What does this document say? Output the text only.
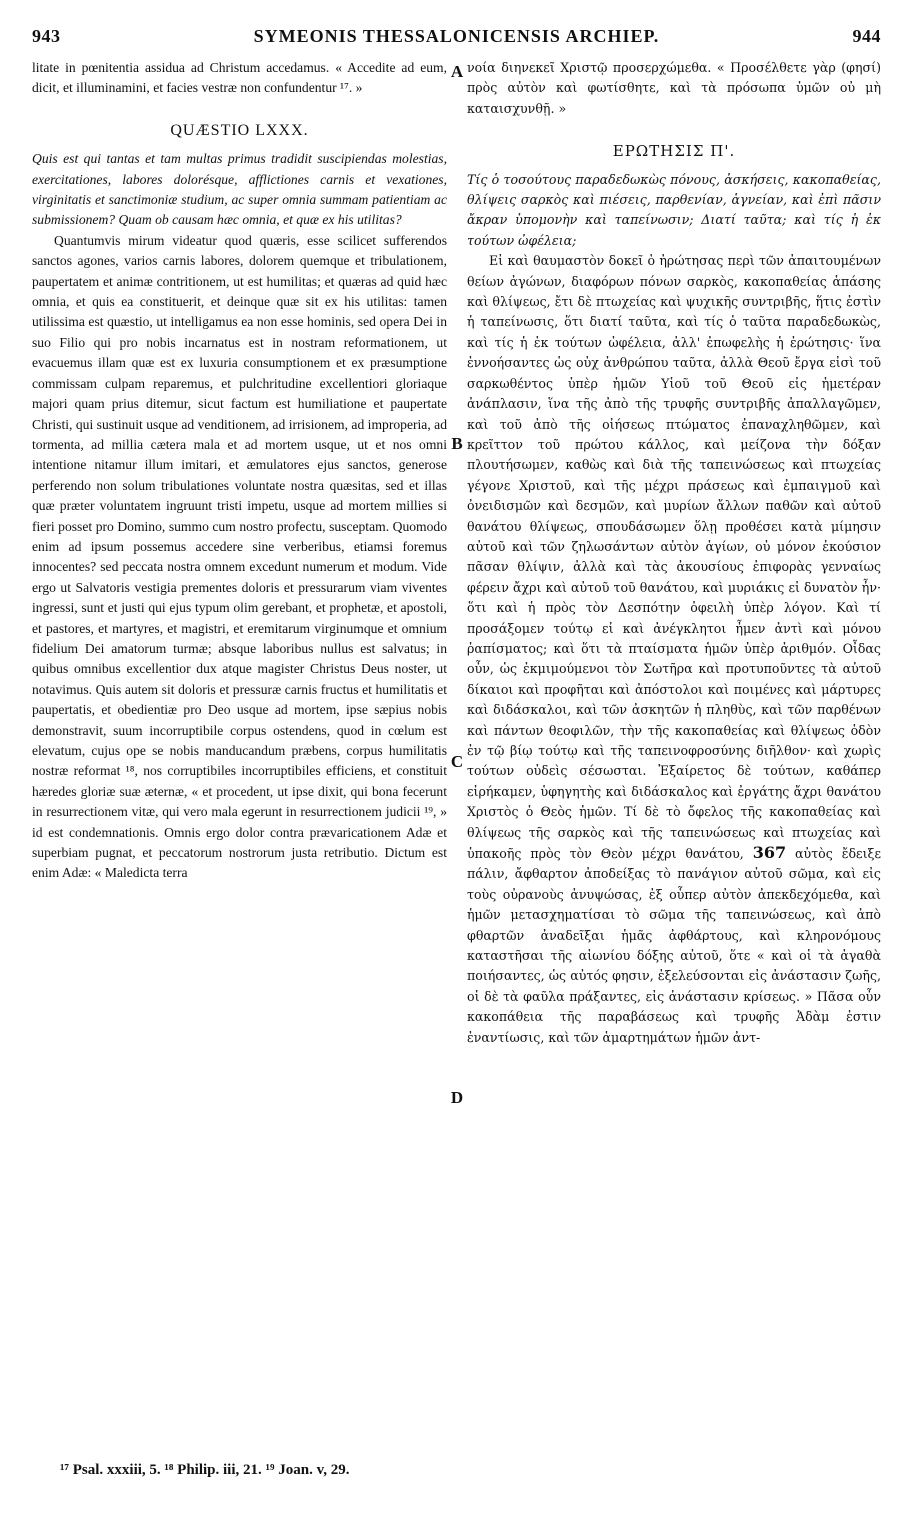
943	SYMEONIS THESSALONICENSIS ARCHIEP.	944

litate in pœnitentia assidua ad Christum accedamus. « Accedite ad eum, dicit, et illuminamini, et facies vestræ non confundentur ¹⁷. »

QUÆSTIO LXXX.

Quis est qui tantas et tam multas primus tradidit suscipiendas molestias, exercitationes, labores dolorésque, afflictiones carnis et vexationes, virginitatis et sanctimoniæ studium, ac super omnia summam patientiam ac submissionem? Quam ob causam hæc omnia, et quæ ex his utilitas?

Quantumvis mirum videatur quod quæris, esse scilicet sufferendos sanctos agones, varios carnis labores, dolorem quemque et tribulationem, paupertatem et animæ contritionem, ut est humilitas; et quæras ad quid hæc omnia, et quis ea constituerit, et deinque quæ sit ex his utilitas: tamen utilissima est quæstio, ut intelligamus ea non esse hominis, sed opera Dei in suo Filio qui pro nobis incarnatus est in nostram reformationem, ut evacuemus illam quæ est ex luxuria consumptionem et ex præsumptione commissam culpam reparemus, et pulchritudine excellentiori gloriaque majori quam prius ditemur, sicut factum est humiliatione et paupertate Christi, qui sustinuit usque ad venditionem, ad irrisionem, ad improperia, ad tormenta, ad millia cætera mala et ad mortem usque, ut et nos omni intentione nitamur illum imitari, et æmulatores ejus sanctos, generose perferendo non solum tribulationes voluntate nostra quæsitas, sed et illas quæ præter voluntatem ingruunt tristi impetu, usque ad mortem millies si fieri posset pro Domino, summo cum nostro profectu, susceptam. Quomodo enim ad ipsum possemus accedere sine verberibus, etiamsi foremus innocentes? sed peccata nostra omnem excedunt numerum et modum. Vide ergo ut Salvatoris vestigia prementes doloris et pressurarum viam viventes ingressi, sunt et justi qui ejus typum olim gerebant, et prophetæ, et apostoli, et pastores, et martyres, et magistri, et eremitarum virginumque et omnium fidelium Dei amatorum turmæ; absque laboribus nullus est salvatus; in quibus omnibus excellentior dux atque magister Christus Deus noster, ut notavimus. Quis autem sit doloris et pressuræ carnis fructus et humilitatis et paupertatis, et obedientiæ pro Deo usque ad mortem, ipse sæpius nobis demonstravit, suum incorruptibile corpus ostendens, quod in cœlum est elevatum, cujus ope se nobis manducandum præbens, corpus humilitatis nostræ reformat ¹⁸, nos corruptibiles incorruptibiles efficiens, et constituit hæredes gloriæ suæ æternæ, « et procedent, ut ipse dixit, qui bona fecerunt in resurrectionem vitæ, qui vero mala egerunt in resurrectionem judicii ¹⁹, » id est condemnationis. Omnis ergo dolor contra prævaricationem Adæ et superbiam pugnat, et peccatorum nostrorum justa retributio. Dictum est enim Adæ: « Maledicta terra

A
B
C
D

νοία διηνεκεῖ Χριστῷ προσερχώμεθα. « Προσέλθετε γὰρ (φησί) πρὸς αὐτὸν καὶ φωτίσθητε, καὶ τὰ πρόσωπα ὑμῶν οὐ μὴ καταισχυνθῇ. »

ΕΡΩΤΗΣΙΣ Π'.

Τίς ὁ τοσούτους παραδεδωκὼς πόνους, ἀσκήσεις, κακοπαθείας, θλίψεις σαρκὸς καὶ πιέσεις, παρθενίαν, ἁγνείαν, καὶ ἐπὶ πᾶσιν ἄκραν ὑπομονὴν καὶ ταπείνωσιν; Διατί ταῦτα; καὶ τίς ἡ ἐκ τούτων ὠφέλεια;

Εἰ καὶ θαυμαστὸν δοκεῖ ὁ ἠρώτησας περὶ τῶν ἀπαιτουμένων θείων ἀγώνων, διαφόρων πόνων σαρκὸς, κακοπαθείας ἁπάσης καὶ θλίψεως, ἔτι δὲ πτωχείας καὶ ψυχικῆς συντριβῆς, ἥτις ἐστὶν ἡ ταπείνωσις, ὅτι διατί ταῦτα, καὶ τίς ὁ ταῦτα παραδεδωκὼς, καὶ τίς ἡ ἐκ τούτων ὠφέλεια, ἀλλ' ἐπωφελὴς ἡ ἐρώτησις· ἵνα ἐννοήσαντες ὡς οὐχ ἀνθρώπου ταῦτα, ἀλλὰ Θεοῦ ἔργα εἰσὶ τοῦ σαρκωθέντος ὑπὲρ ἡμῶν Υἱοῦ τοῦ Θεοῦ εἰς ἡμετέραν ἀνάπλασιν, ἵνα τῆς ἀπὸ τῆς τρυφῆς συντριβῆς ἀπαλλαγῶμεν, καὶ τοῦ ἀπὸ τῆς οἰήσεως πτώματος ἐπαναχληθῶμεν, καὶ κρεῖττον τοῦ πρώτου κάλλος, καὶ μείζονα τὴν δόξαν πλουτήσωμεν, καθὼς καὶ διὰ τῆς ταπεινώσεως καὶ πτωχείας γέγονε Χριστοῦ, καὶ τῆς μέχρι πράσεως καὶ ἐμπαιγμοῦ καὶ ὀνειδισμῶν καὶ δεσμῶν, καὶ μυρίων ἄλλων παθῶν καὶ αὐτοῦ θανάτου θλίψεως, σπουδάσωμεν ὅλῃ προθέσει κατὰ μίμησιν αὐτοῦ καὶ τῶν ζηλωσάντων αὐτὸν ἁγίων, οὐ μόνον ἑκούσιον πᾶσαν θλίψιν, ἀλλὰ καὶ τὰς ἀκουσίους ἐπιφορὰς γενναίως φέρειν ἄχρι καὶ αὐτοῦ τοῦ θανάτου, καὶ μυριάκις εἰ δυνατὸν ἦν· ὅτι καὶ ἡ πρὸς τὸν Δεσπότην ὀφειλὴ ὑπὲρ λόγον. Καὶ τί προσάξομεν τούτῳ εἰ καὶ ἀνέγκλητοι ἦμεν ἀντὶ καὶ μόνου ῥαπίσματος; καὶ ὅτι τὰ πταίσματα ἡμῶν ὑπὲρ ἀριθμόν. Οἶδας οὖν, ὡς ἐκμιμούμενοι τὸν Σωτῆρα καὶ προτυποῦντες τὰ αὐτοῦ δίκαιοι καὶ προφῆται καὶ ἀπόστολοι καὶ ποιμένες καὶ μάρτυρες καὶ διδάσκαλοι, καὶ τῶν ἀσκητῶν ἡ πληθὺς, καὶ τῶν παρθένων καὶ πάντων θεοφιλῶν, τὴν τῆς κακοπαθείας καὶ θλίψεως ὁδὸν ἐν τῷ βίῳ τούτῳ καὶ τῆς ταπεινοφροσύνης διῆλθον· καὶ χωρὶς τούτων οὐδεὶς σέσωσται. Ἐξαίρετος δὲ τούτων, καθάπερ εἰρήκαμεν, ὑφηγητὴς καὶ διδάσκαλος καὶ ἐργάτης ἄχρι θανάτου Χριστὸς ὁ Θεὸς ἡμῶν. Τί δὲ τὸ ὄφελος τῆς κακοπαθείας καὶ θλίψεως τῆς σαρκὸς καὶ τῆς ταπεινώσεως καὶ πτωχείας καὶ ὑπακοῆς πρὸς τὸν Θεὸν μέχρι θανάτου, 367 αὐτὸς ἔδειξε πάλιν, ἄφθαρτον ἀποδείξας τὸ πανάγιον αὐτοῦ σῶμα, καὶ εἰς τοὺς οὐρανοὺς ἀνυψώσας, ἐξ οὗπερ αὐτὸν ἀπεκδεχόμεθα, καὶ ἡμῶν μετασχηματίσαι τὸ σῶμα τῆς ταπεινώσεως, καὶ ἀπὸ φθαρτῶν ἀναδεῖξαι ἡμᾶς ἀφθάρτους, καὶ κληρονόμους καταστῆσαι τῆς αἰωνίου δόξης αὐτοῦ, ὅτε « καὶ οἱ τὰ ἀγαθὰ ποιήσαντες, ὡς αὐτός φησιν, ἐξελεύσονται εἰς ἀνάστασιν ζωῆς, οἱ δὲ τὰ φαῦλα πράξαντες, εἰς ἀνάστασιν κρίσεως. » Πᾶσα οὖν κακοπάθεια τῆς παραβάσεως καὶ τρυφῆς Ἀδὰμ ἐστιν ἐναντίωσις, καὶ τῶν ἁμαρτημάτων ἡμῶν ἀντ-

¹⁷ Psal. xxxiii, 5. ¹⁸ Philip. iii, 21. ¹⁹ Joan. v, 29.
